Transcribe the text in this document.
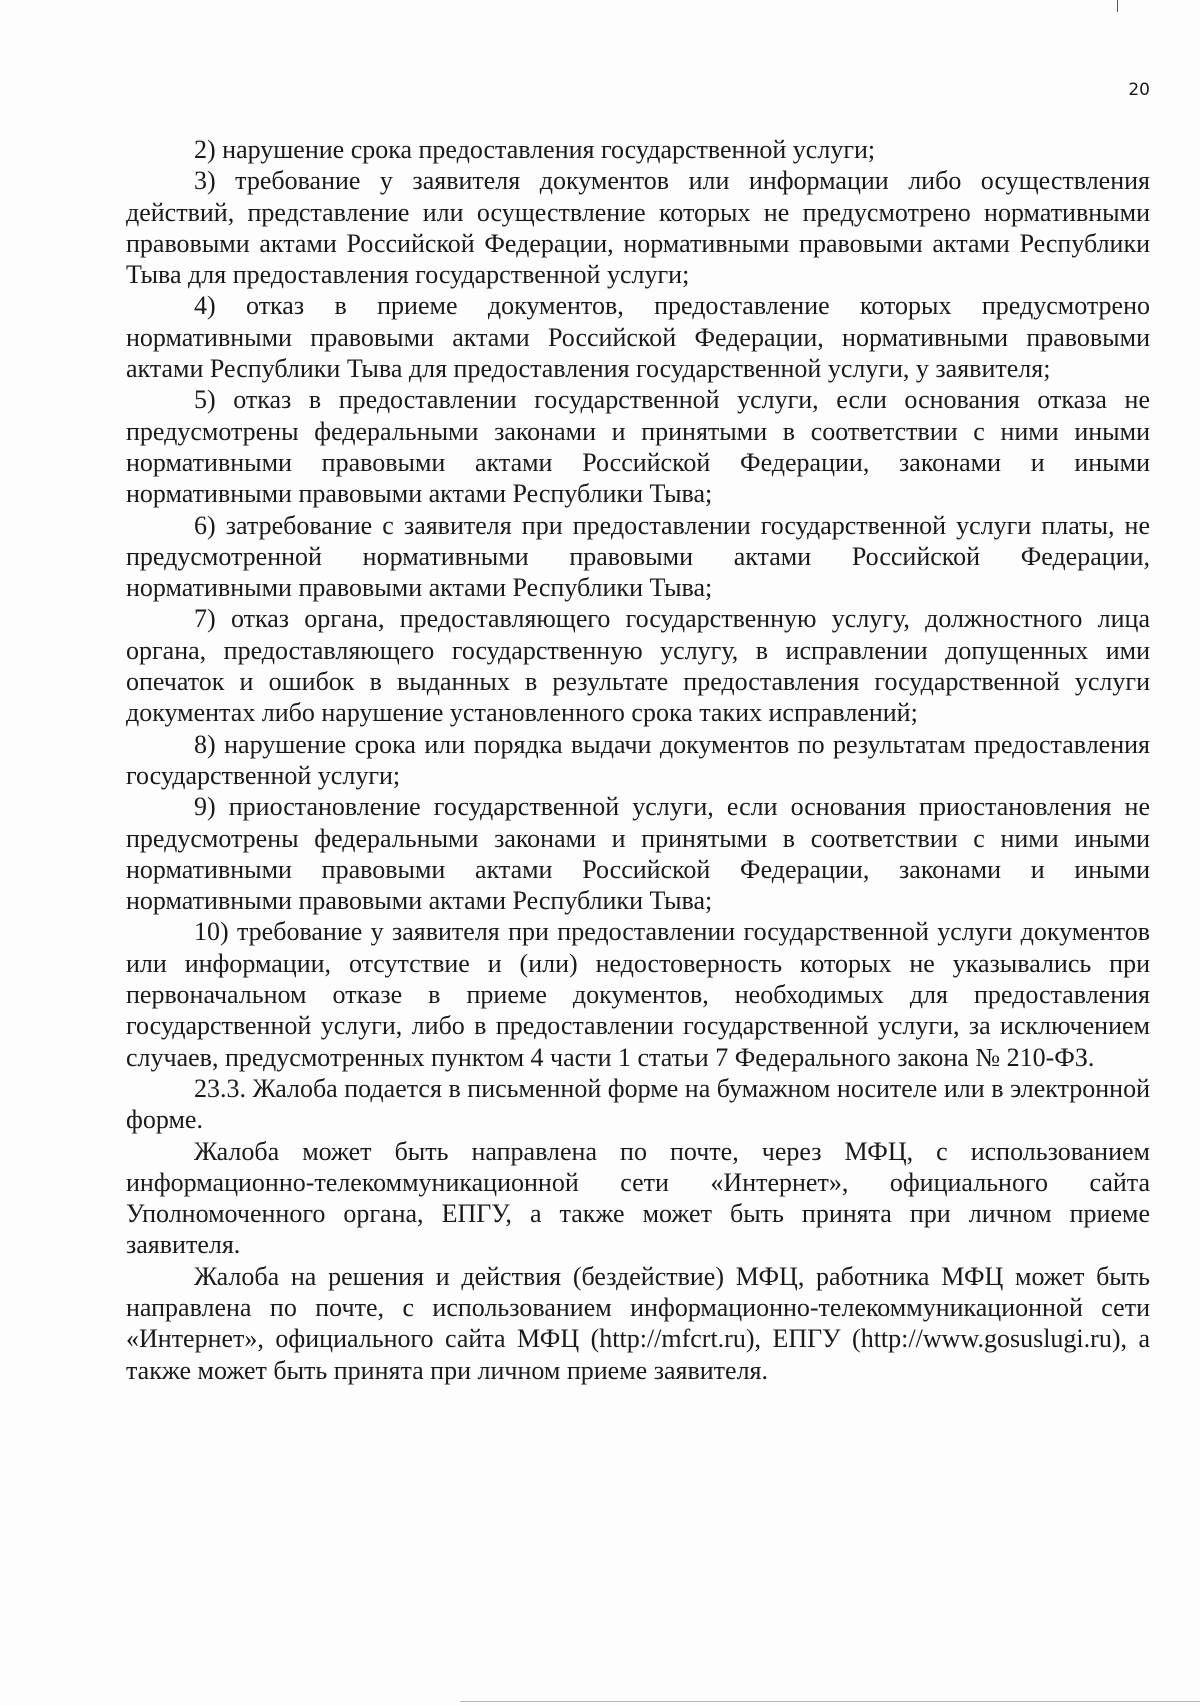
20

2) нарушение срока предоставления государственной услуги;

3) требование у заявителя документов или информации либо осуществления действий, представление или осуществление которых не предусмотрено нормативными правовыми актами Российской Федерации, нормативными правовыми актами Республики Тыва для предоставления государственной услуги;

4) отказ в приеме документов, предоставление которых предусмотрено нормативными правовыми актами Российской Федерации, нормативными правовыми актами Республики Тыва для предоставления государственной услуги, у заявителя;

5) отказ в предоставлении государственной услуги, если основания отказа не предусмотрены федеральными законами и принятыми в соответствии с ними иными нормативными правовыми актами Российской Федерации, законами и иными нормативными правовыми актами Республики Тыва;

6) затребование с заявителя при предоставлении государственной услуги платы, не предусмотренной нормативными правовыми актами Российской Федерации, нормативными правовыми актами Республики Тыва;

7) отказ органа, предоставляющего государственную услугу, должностного лица органа, предоставляющего государственную услугу, в исправлении допущенных ими опечаток и ошибок в выданных в результате предоставления государственной услуги документах либо нарушение установленного срока таких исправлений;

8) нарушение срока или порядка выдачи документов по результатам предоставления государственной услуги;

9) приостановление государственной услуги, если основания приостановления не предусмотрены федеральными законами и принятыми в соответствии с ними иными нормативными правовыми актами Российской Федерации, законами и иными нормативными правовыми актами Республики Тыва;

10) требование у заявителя при предоставлении государственной услуги документов или информации, отсутствие и (или) недостоверность которых не указывались при первоначальном отказе в приеме документов, необходимых для предоставления государственной услуги, либо в предоставлении государственной услуги, за исключением случаев, предусмотренных пунктом 4 части 1 статьи 7 Федерального закона № 210-ФЗ.

23.3. Жалоба подается в письменной форме на бумажном носителе или в электронной форме.

Жалоба может быть направлена по почте, через МФЦ, с использованием информационно-телекоммуникационной сети «Интернет», официального сайта Уполномоченного органа, ЕПГУ, а также может быть принята при личном приеме заявителя.

Жалоба на решения и действия (бездействие) МФЦ, работника МФЦ может быть направлена по почте, с использованием информационно-телекоммуникационной сети «Интернет», официального сайта МФЦ (http://mfcrt.ru), ЕПГУ (http://www.gosuslugi.ru), а также может быть принята при личном приеме заявителя.
